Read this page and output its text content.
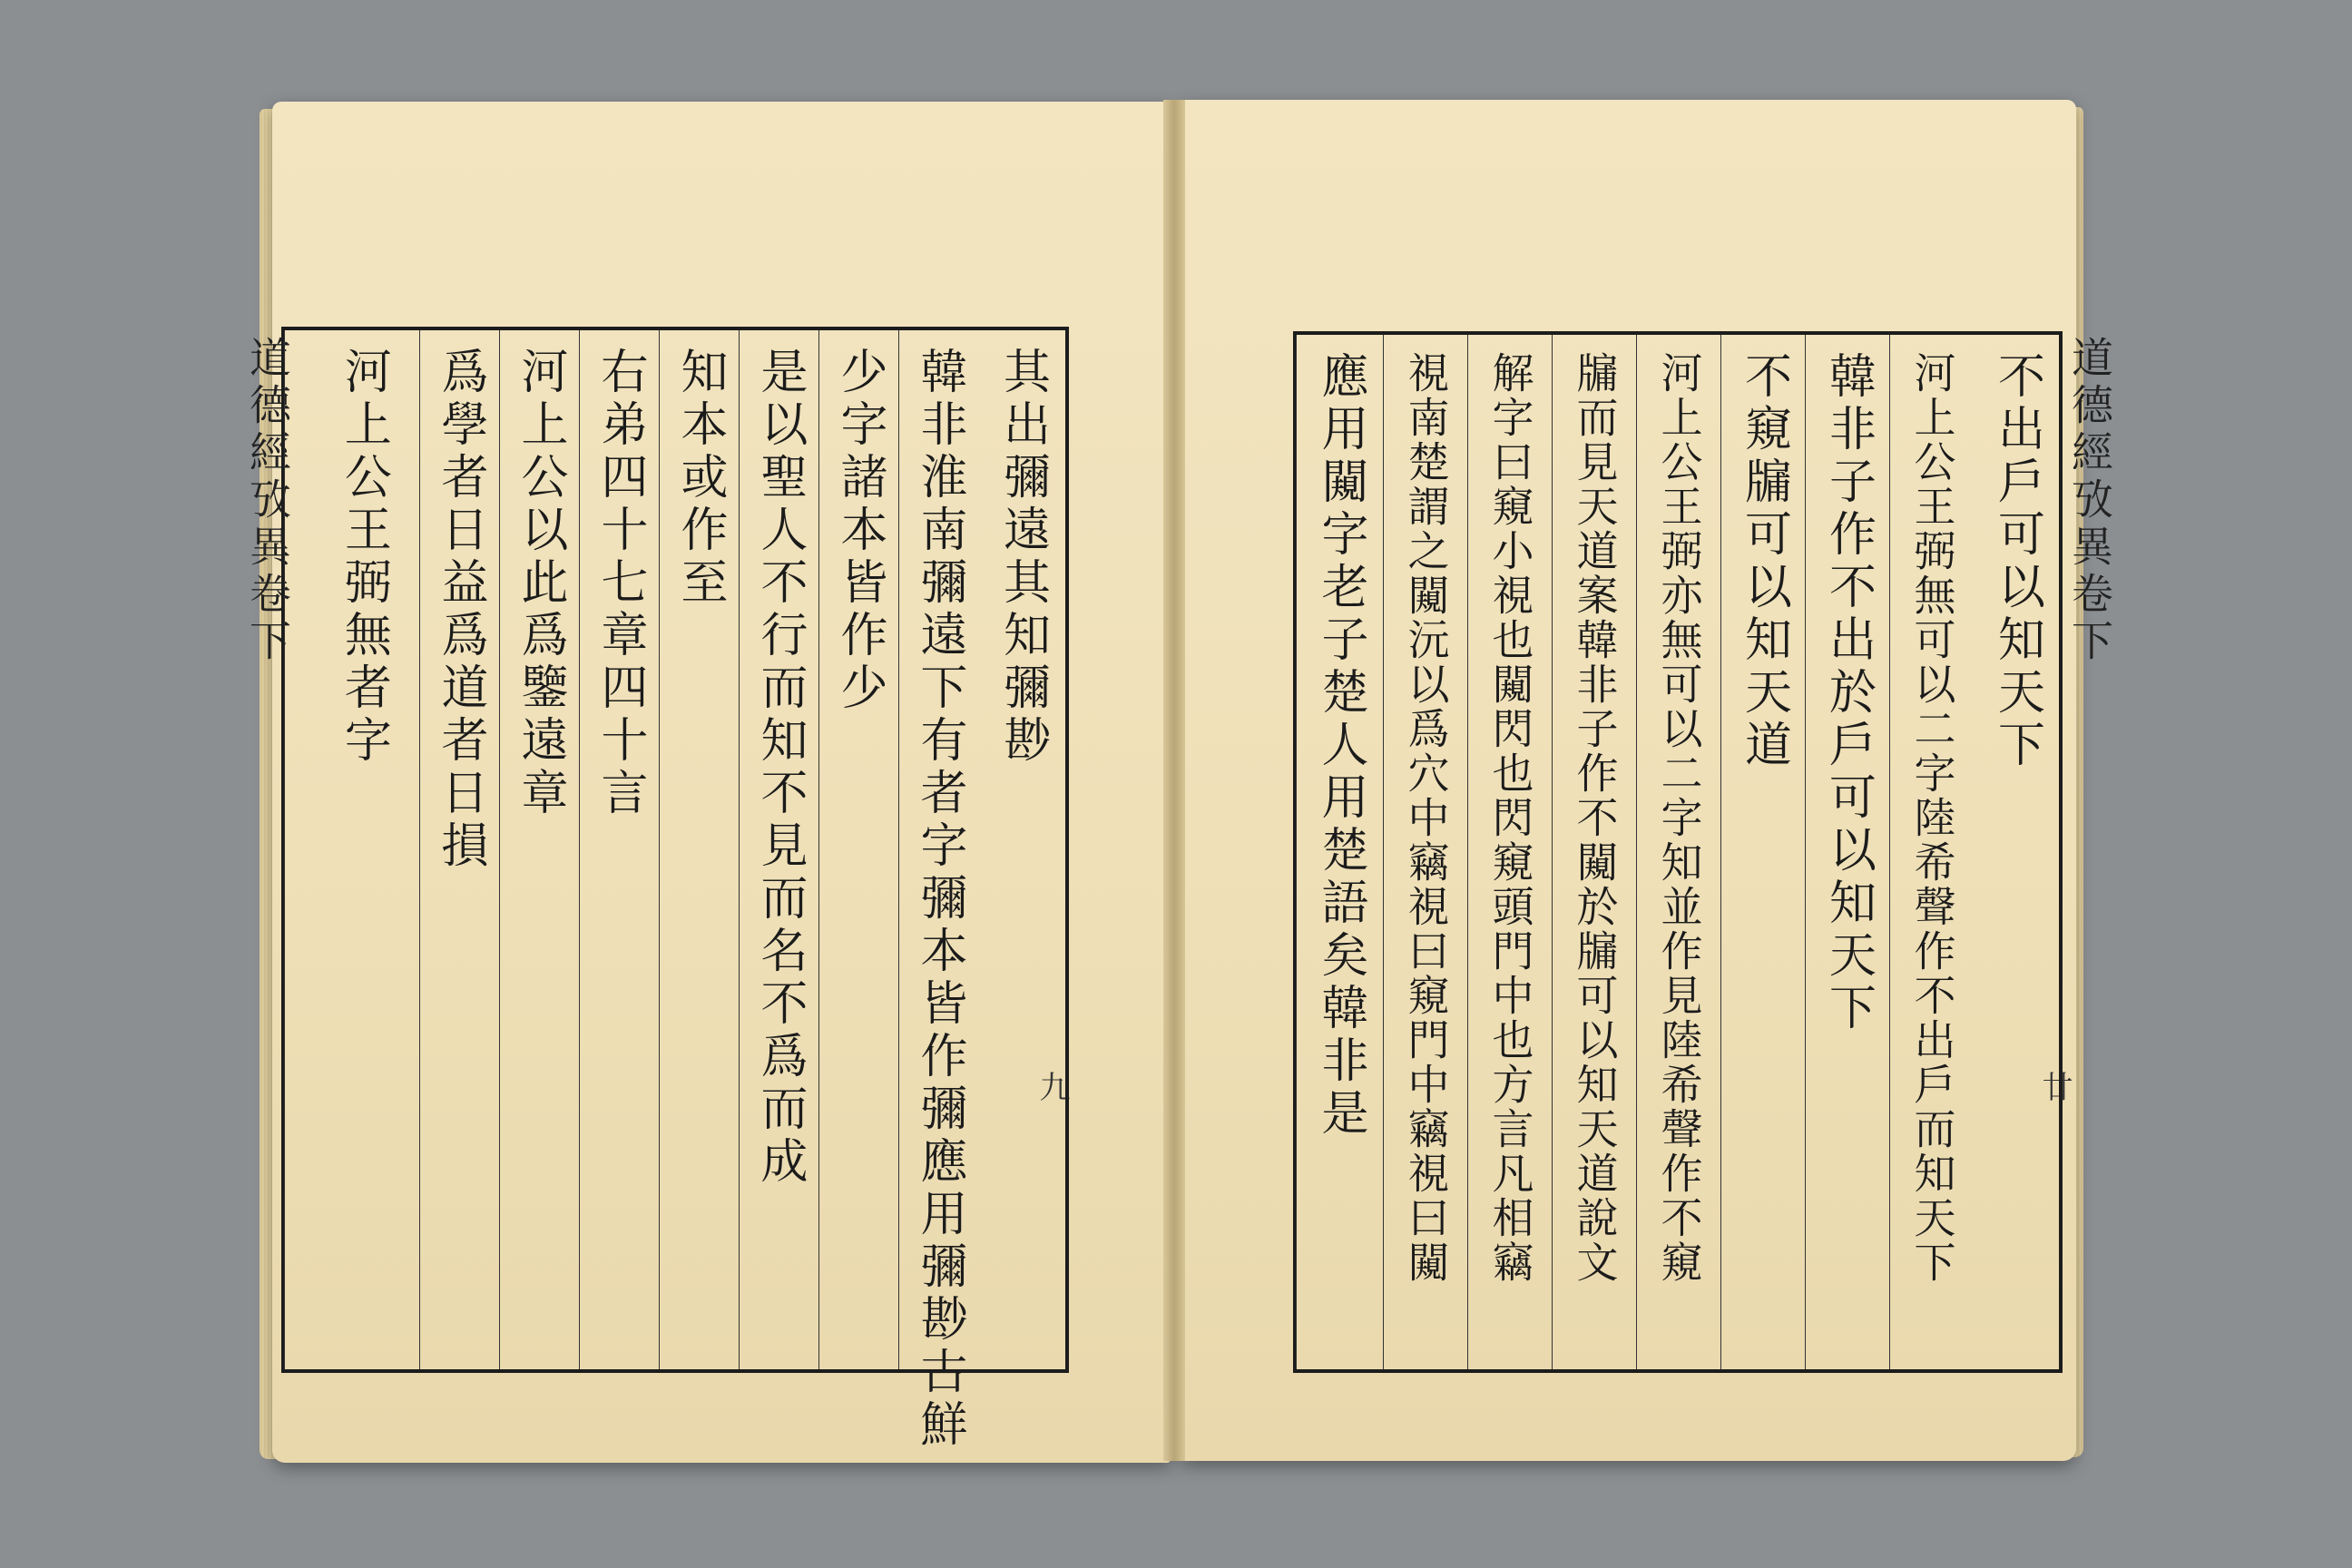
道德經攷異卷下
九
其出彌遠其知彌尠
韓非淮南彌遠下有者字彌本皆作彌應用彌尠古鮮
少字諸本皆作少
是以聖人不行而知不見而名不爲而成
知本或作至
右弟四十七章四十言
河上公以此爲鑒遠章
爲學者日益爲道者日損
河上公王弼無者字	道德經攷異卷下
廿
不出戶可以知天下
河上公王弼無可以二字陸希聲作不出戶而知天下
韓非子作不出於戶可以知天下
不窺牖可以知天道
河上公王弼亦無可以二字知並作見陸希聲作不窺
牖而見天道案韓非子作不闚於牖可以知天道說文
解字曰窺小視也闚閃也閃窺頭門中也方言凡相竊
視南楚謂之闚沅以爲穴中竊視曰窺門中竊視曰闚
應用闚字老子楚人用楚語矣韓非是
